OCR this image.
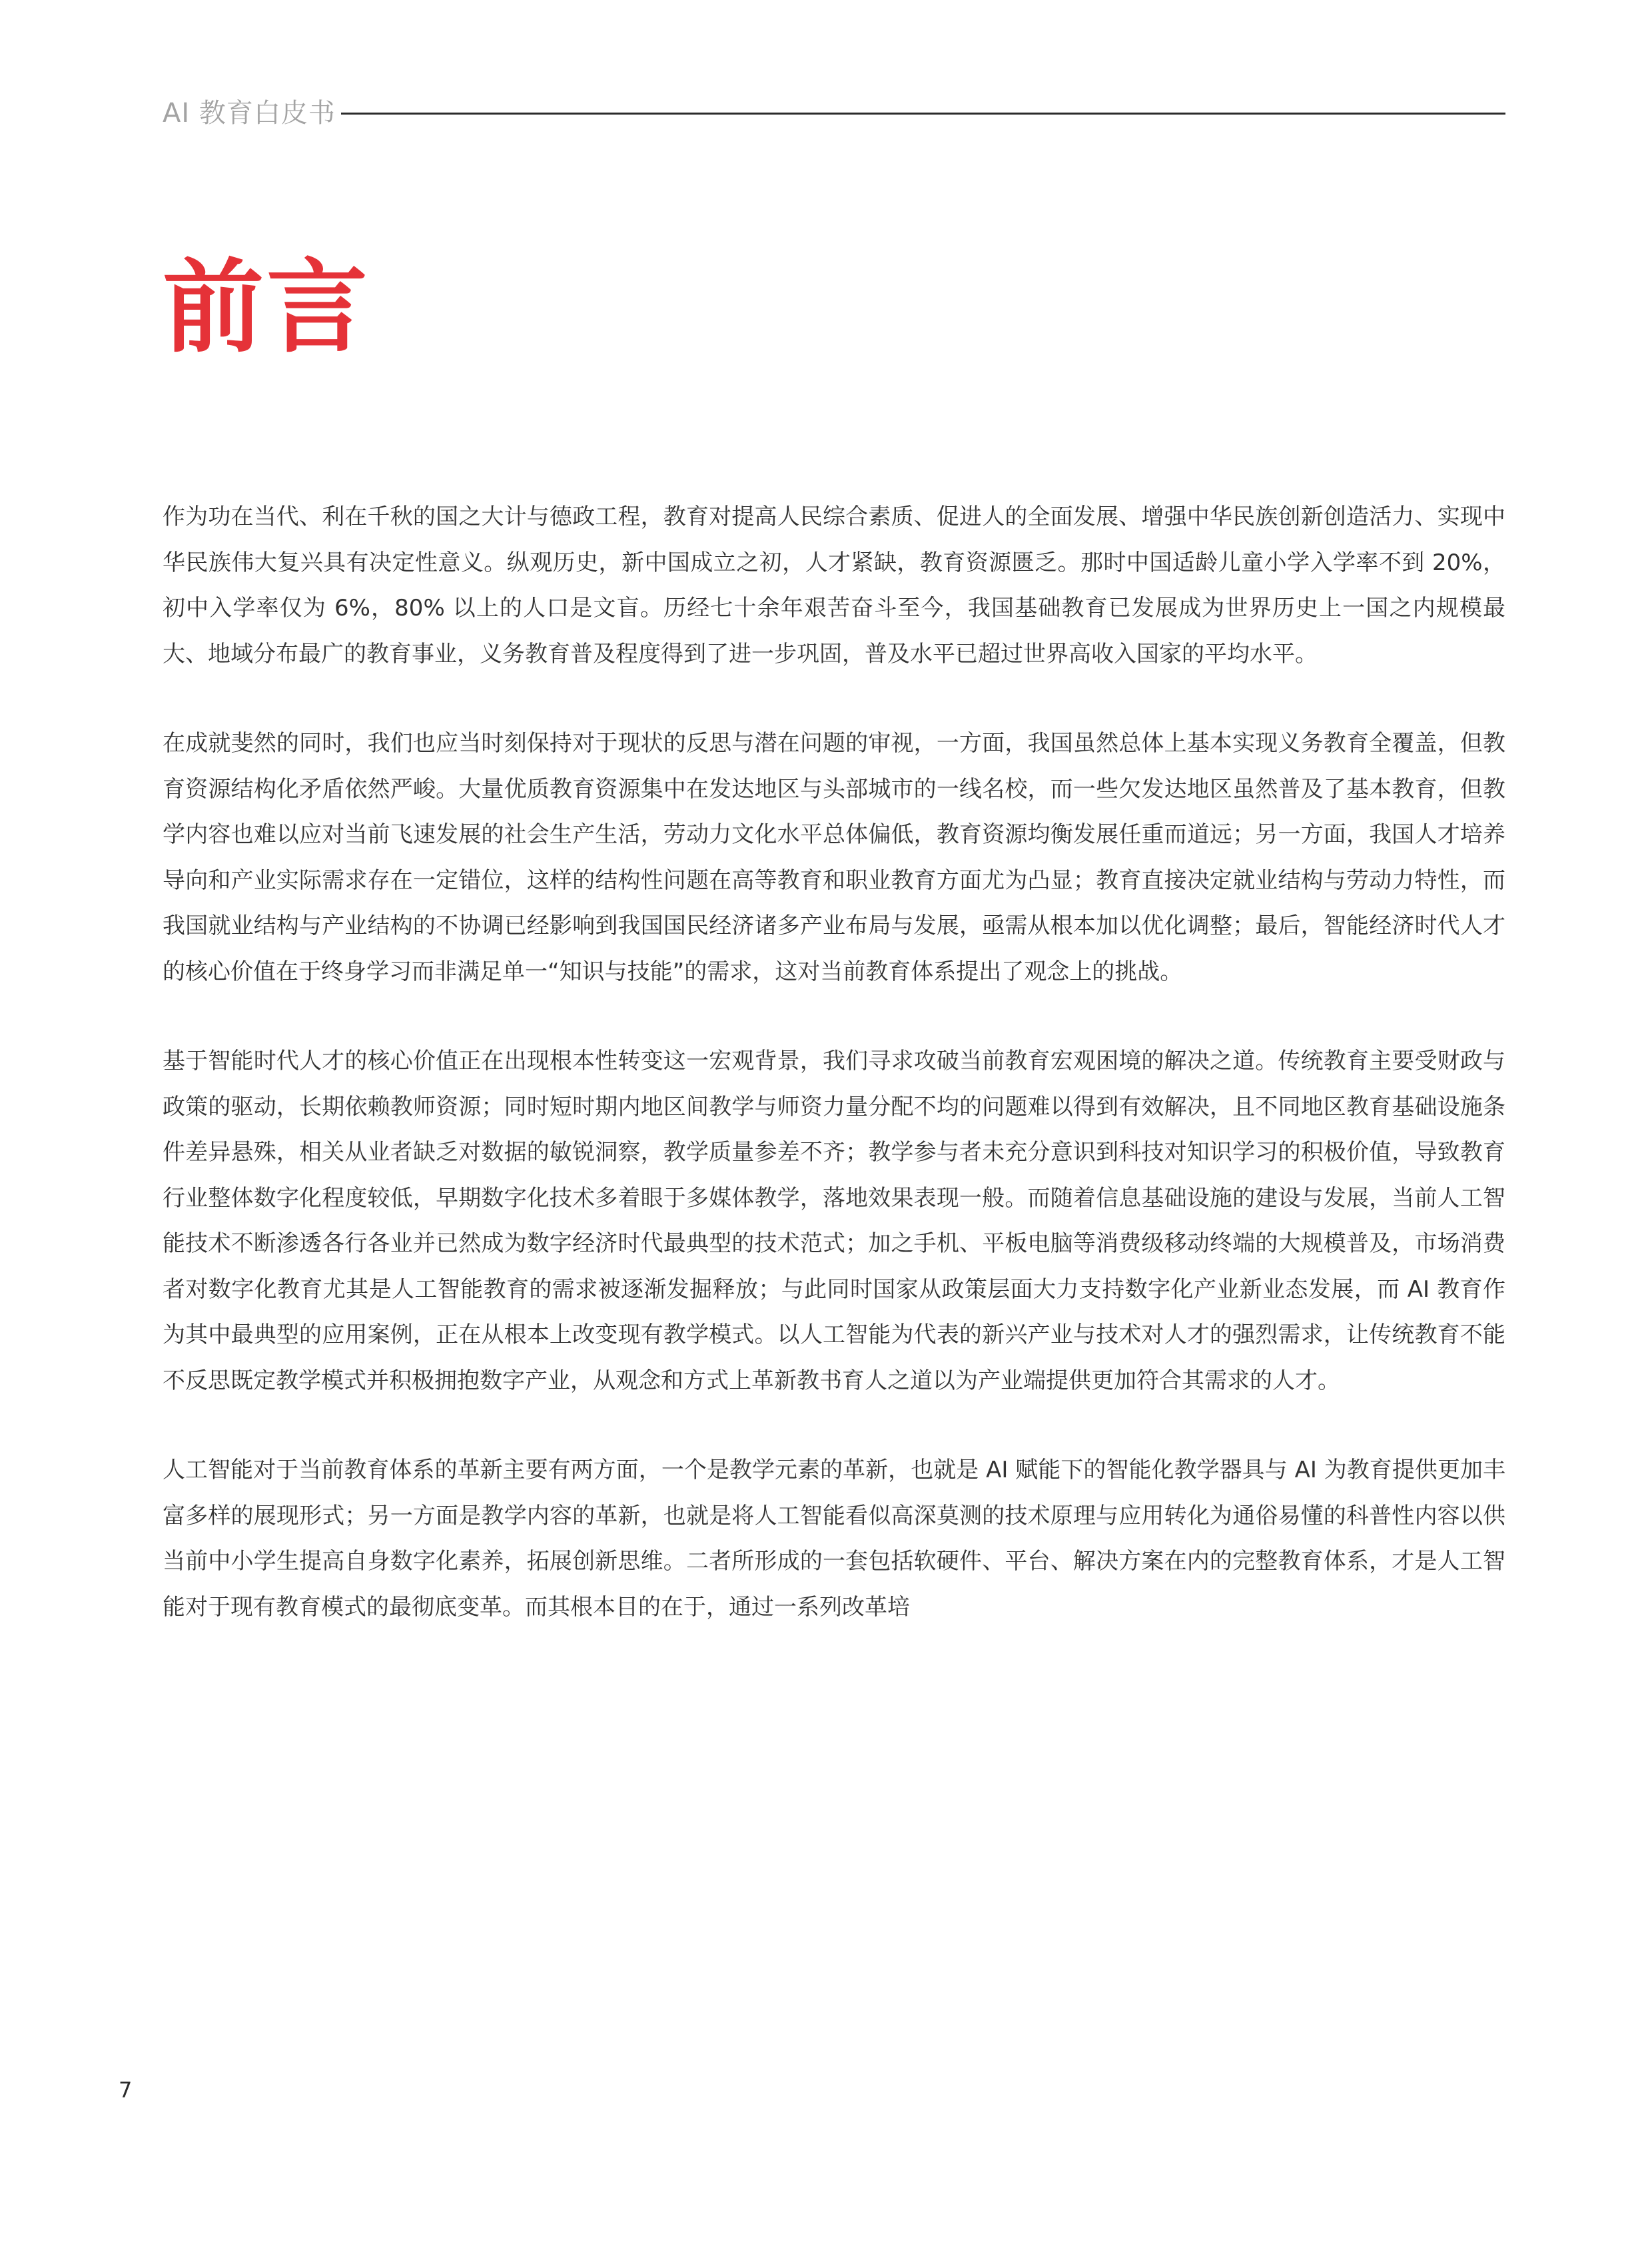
AI 教育白皮书
前言

作为功在当代、利在千秋的国之大计与德政工程，教育对提高人民综合素质、促进人的全面发展、增强中华民族创新创造活力、实现中华民族伟大复兴具有决定性意义。纵观历史，新中国成立之初，人才紧缺，教育资源匮乏。那时中国适龄儿童小学入学率不到 20%，初中入学率仅为 6%，80% 以上的人口是文盲。历经七十余年艰苦奋斗至今，我国基础教育已发展成为世界历史上一国之内规模最大、地域分布最广的教育事业，义务教育普及程度得到了进一步巩固，普及水平已超过世界高收入国家的平均水平。

在成就斐然的同时，我们也应当时刻保持对于现状的反思与潜在问题的审视，一方面，我国虽然总体上基本实现义务教育全覆盖，但教育资源结构化矛盾依然严峻。大量优质教育资源集中在发达地区与头部城市的一线名校，而一些欠发达地区虽然普及了基本教育，但教学内容也难以应对当前飞速发展的社会生产生活，劳动力文化水平总体偏低，教育资源均衡发展任重而道远；另一方面，我国人才培养导向和产业实际需求存在一定错位，这样的结构性问题在高等教育和职业教育方面尤为凸显；教育直接决定就业结构与劳动力特性，而我国就业结构与产业结构的不协调已经影响到我国国民经济诸多产业布局与发展，亟需从根本加以优化调整；最后，智能经济时代人才的核心价值在于终身学习而非满足单一“知识与技能”的需求，这对当前教育体系提出了观念上的挑战。

基于智能时代人才的核心价值正在出现根本性转变这一宏观背景，我们寻求攻破当前教育宏观困境的解决之道。传统教育主要受财政与政策的驱动，长期依赖教师资源；同时短时期内地区间教学与师资力量分配不均的问题难以得到有效解决，且不同地区教育基础设施条件差异悬殊，相关从业者缺乏对数据的敏锐洞察，教学质量参差不齐；教学参与者未充分意识到科技对知识学习的积极价值，导致教育行业整体数字化程度较低，早期数字化技术多着眼于多媒体教学，落地效果表现一般。而随着信息基础设施的建设与发展，当前人工智能技术不断渗透各行各业并已然成为数字经济时代最典型的技术范式；加之手机、平板电脑等消费级移动终端的大规模普及，市场消费者对数字化教育尤其是人工智能教育的需求被逐渐发掘释放；与此同时国家从政策层面大力支持数字化产业新业态发展，而 AI 教育作为其中最典型的应用案例，正在从根本上改变现有教学模式。以人工智能为代表的新兴产业与技术对人才的强烈需求，让传统教育不能不反思既定教学模式并积极拥抱数字产业，从观念和方式上革新教书育人之道以为产业端提供更加符合其需求的人才。

人工智能对于当前教育体系的革新主要有两方面，一个是教学元素的革新，也就是 AI 赋能下的智能化教学器具与 AI 为教育提供更加丰富多样的展现形式；另一方面是教学内容的革新，也就是将人工智能看似高深莫测的技术原理与应用转化为通俗易懂的科普性内容以供当前中小学生提高自身数字化素养，拓展创新思维。二者所形成的一套包括软硬件、平台、解决方案在内的完整教育体系，才是人工智能对于现有教育模式的最彻底变革。而其根本目的在于，通过一系列改革培

7
